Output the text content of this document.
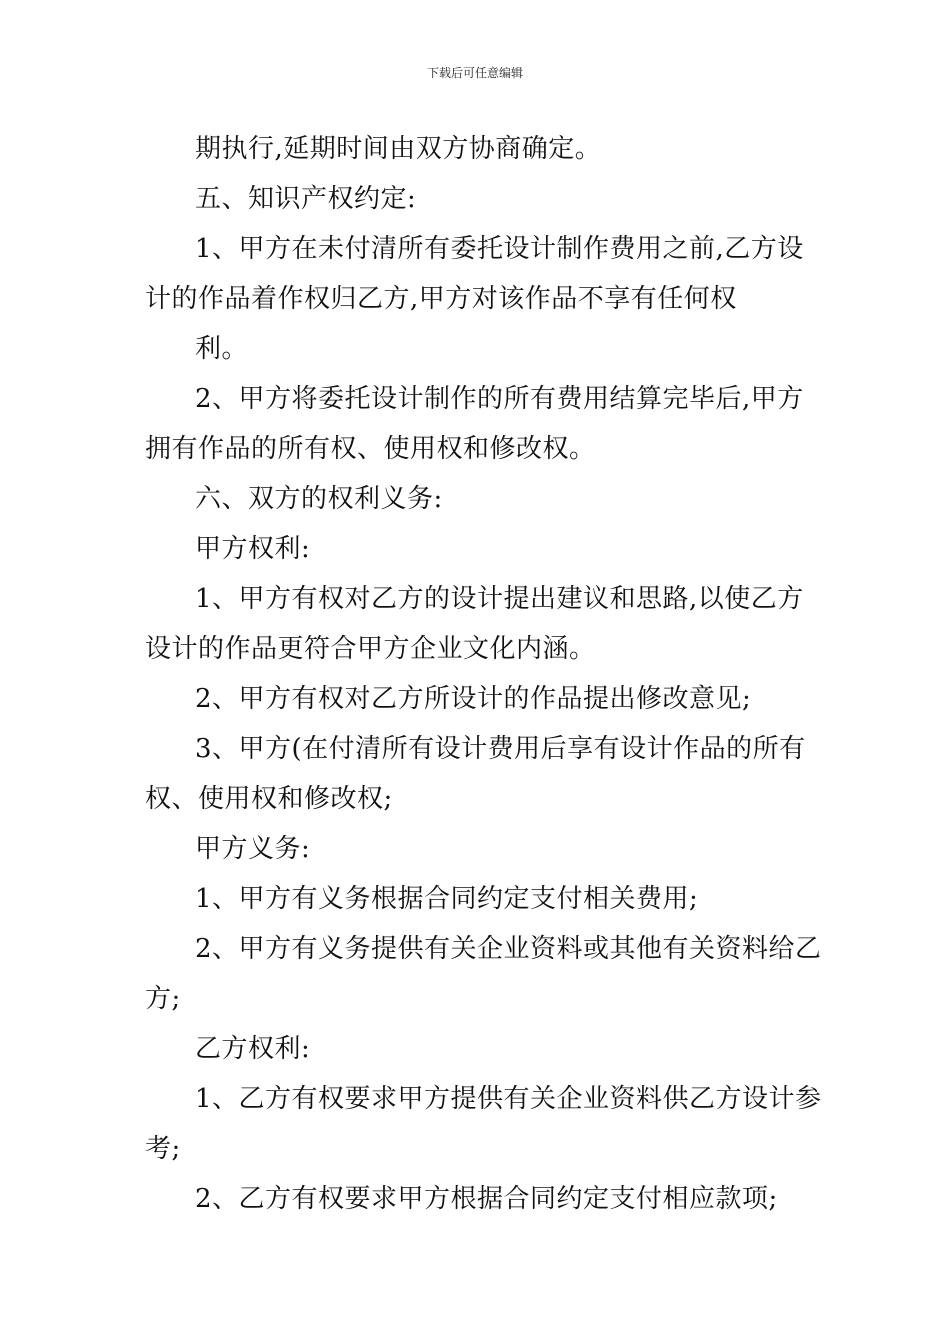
下载后可任意编辑
期执行,延期时间由双方协商确定。
五、知识产权约定:
1、甲方在未付清所有委托设计制作费用之前,乙方设
计的作品着作权归乙方,甲方对该作品不享有任何权
利。
2、甲方将委托设计制作的所有费用结算完毕后,甲方
拥有作品的所有权、使用权和修改权。
六、双方的权利义务:
甲方权利:
1、甲方有权对乙方的设计提出建议和思路,以使乙方
设计的作品更符合甲方企业文化内涵。
2、甲方有权对乙方所设计的作品提出修改意见;
3、甲方(在付清所有设计费用后享有设计作品的所有
权、使用权和修改权;
甲方义务:
1、甲方有义务根据合同约定支付相关费用;
2、甲方有义务提供有关企业资料或其他有关资料给乙
方;
乙方权利:
1、乙方有权要求甲方提供有关企业资料供乙方设计参
考;
2、乙方有权要求甲方根据合同约定支付相应款项;
